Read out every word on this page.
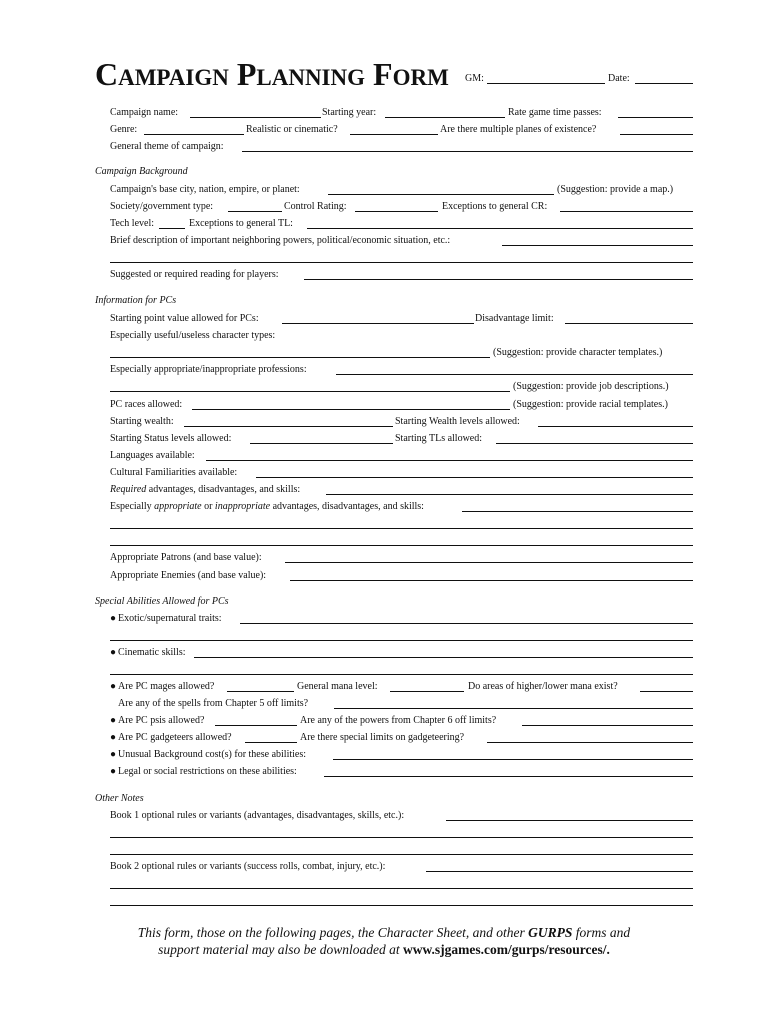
CAMPAIGN PLANNING FORM GM:	Date:
Campaign name:	Starting year:	Rate game time passes:
Genre:	Realistic or cinematic?	Are there multiple planes of existence?
General theme of campaign:
Campaign Background
Campaign's base city, nation, empire, or planet:	(Suggestion: provide a map.)
Society/government type:	Control Rating:	Exceptions to general CR:
Tech level:	Exceptions to general TL:
Brief description of important neighboring powers, political/economic situation, etc.:
Suggested or required reading for players:
Information for PCs
Starting point value allowed for PCs:	Disadvantage limit:
Especially useful/useless character types:
(Suggestion: provide character templates.)
Especially appropriate/inappropriate professions:
(Suggestion: provide job descriptions.)
PC races allowed:	(Suggestion: provide racial templates.)
Starting wealth:	Starting Wealth levels allowed:
Starting Status levels allowed:	Starting TLs allowed:
Languages available:
Cultural Familiarities available:
Required advantages, disadvantages, and skills:
Especially appropriate or inappropriate advantages, disadvantages, and skills:
Appropriate Patrons (and base value):
Appropriate Enemies (and base value):
Special Abilities Allowed for PCs
● Exotic/supernatural traits:
● Cinematic skills:
● Are PC mages allowed?	General mana level:	Do areas of higher/lower mana exist?
Are any of the spells from Chapter 5 off limits?
● Are PC psis allowed?	Are any of the powers from Chapter 6 off limits?
● Are PC gadgeteers allowed?	Are there special limits on gadgeteering?
● Unusual Background cost(s) for these abilities:
● Legal or social restrictions on these abilities:
Other Notes
Book 1 optional rules or variants (advantages, disadvantages, skills, etc.):
Book 2 optional rules or variants (success rolls, combat, injury, etc.):
This form, those on the following pages, the Character Sheet, and other GURPS forms and
support material may also be downloaded at www.sjgames.com/gurps/resources/.
